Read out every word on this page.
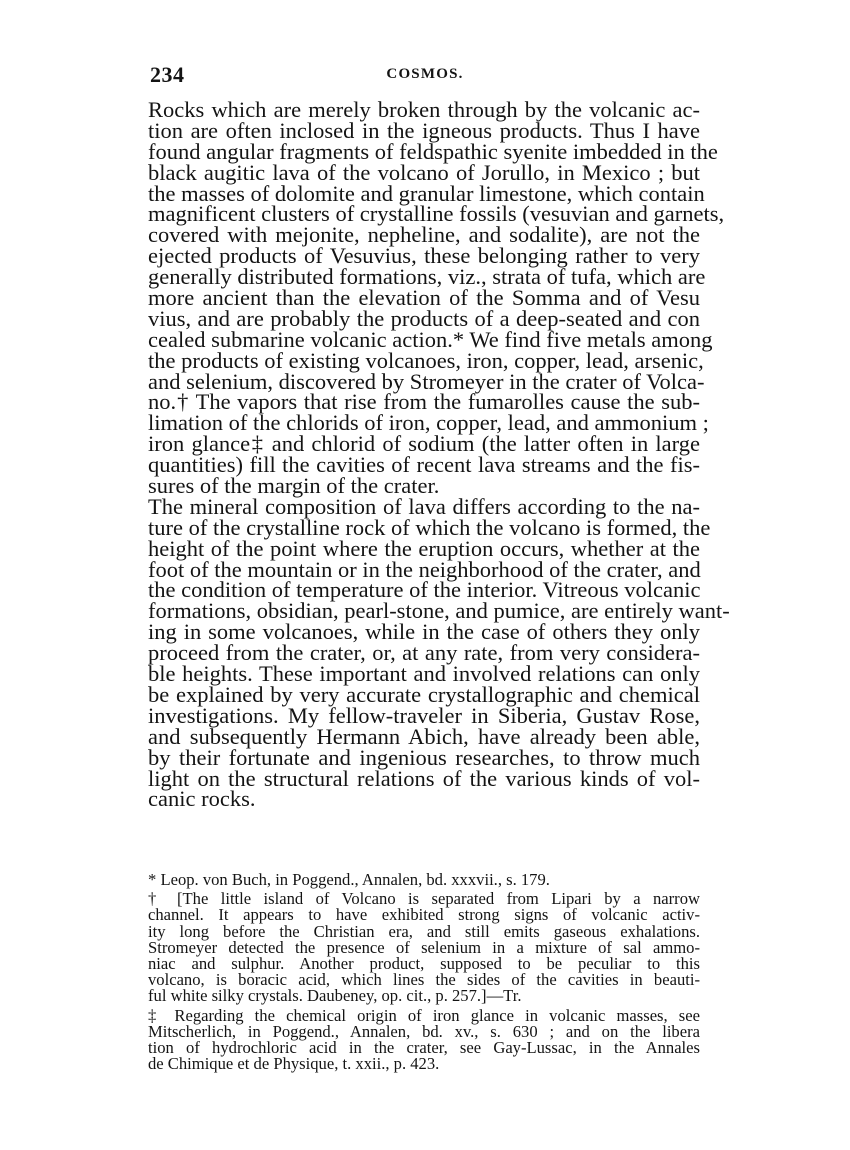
234	COSMOS.
Rocks which are merely broken through by the volcanic ac-
tion are often inclosed in the igneous products. Thus I have
found angular fragments of feldspathic syenite imbedded in the
black augitic lava of the volcano of Jorullo, in Mexico ; but
the masses of dolomite and granular limestone, which contain
magnificent clusters of crystalline fossils (vesuvian and garnets,
covered with mejonite, nepheline, and sodalite), are not the
ejected products of Vesuvius, these belonging rather to very
generally distributed formations, viz., strata of tufa, which are
more ancient than the elevation of the Somma and of Vesu
vius, and are probably the products of a deep-seated and con
cealed submarine volcanic action.* We find five metals among
the products of existing volcanoes, iron, copper, lead, arsenic,
and selenium, discovered by Stromeyer in the crater of Volca-
no.† The vapors that rise from the fumarolles cause the sub-
limation of the chlorids of iron, copper, lead, and ammonium ;
iron glance‡ and chlorid of sodium (the latter often in large
quantities) fill the cavities of recent lava streams and the fis-
sures of the margin of the crater.
The mineral composition of lava differs according to the na-
ture of the crystalline rock of which the volcano is formed, the
height of the point where the eruption occurs, whether at the
foot of the mountain or in the neighborhood of the crater, and
the condition of temperature of the interior. Vitreous volcanic
formations, obsidian, pearl-stone, and pumice, are entirely want-
ing in some volcanoes, while in the case of others they only
proceed from the crater, or, at any rate, from very considera-
ble heights. These important and involved relations can only
be explained by very accurate crystallographic and chemical
investigations. My fellow-traveler in Siberia, Gustav Rose,
and subsequently Hermann Abich, have already been able,
by their fortunate and ingenious researches, to throw much
light on the structural relations of the various kinds of vol-
canic rocks.
* Leop. von Buch, in Poggend., Annalen, bd. xxxvii., s. 179.
† [The little island of Volcano is separated from Lipari by a narrow
channel. It appears to have exhibited strong signs of volcanic activ-
ity long before the Christian era, and still emits gaseous exhalations.
Stromeyer detected the presence of selenium in a mixture of sal ammo-
niac and sulphur. Another product, supposed to be peculiar to this
volcano, is boracic acid, which lines the sides of the cavities in beauti-
ful white silky crystals. Daubeney, op. cit., p. 257.]—Tr.
‡ Regarding the chemical origin of iron glance in volcanic masses, see
Mitscherlich, in Poggend., Annalen, bd. xv., s. 630 ; and on the libera
tion of hydrochloric acid in the crater, see Gay-Lussac, in the Annales
de Chimique et de Physique, t. xxii., p. 423.
